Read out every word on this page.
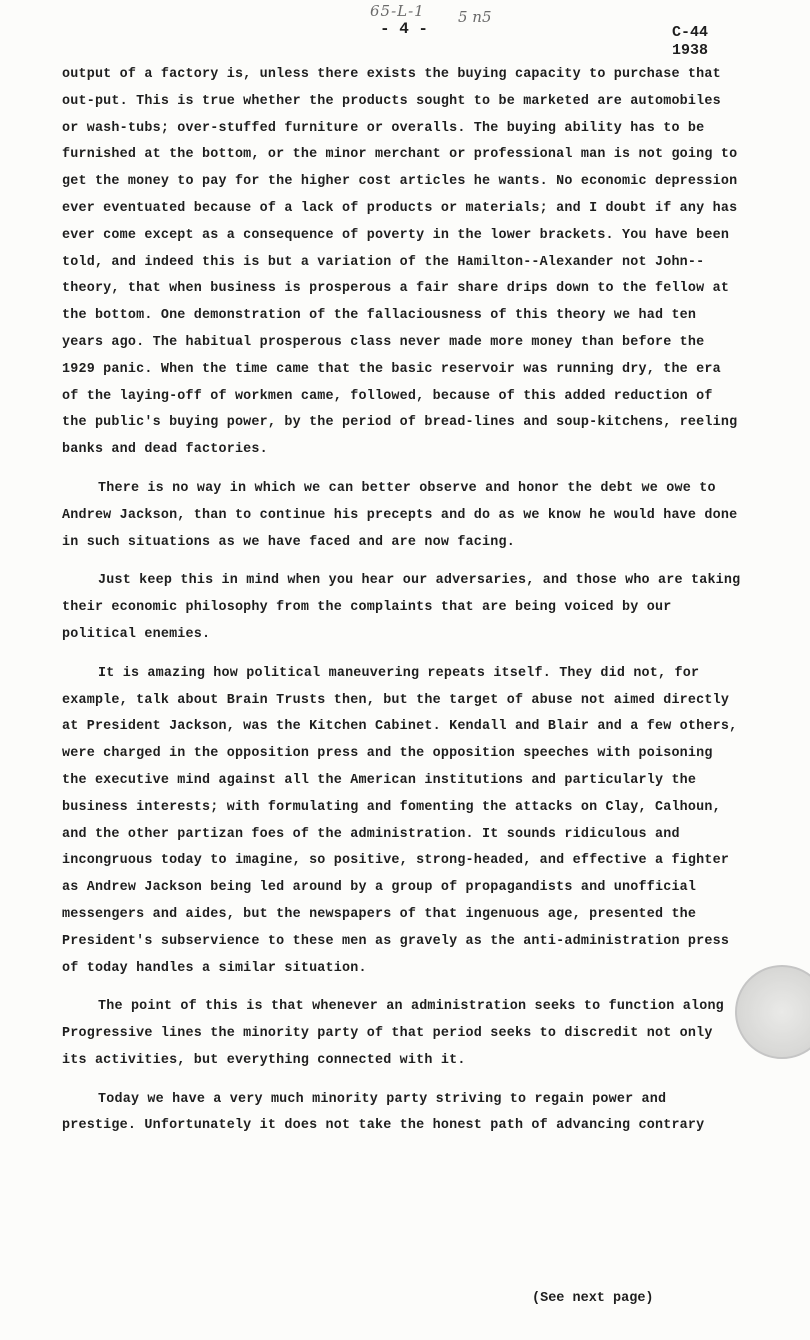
65-L-1 5 n5
- 4 -	C-44
1938

output of a factory is, unless there exists the buying capacity to purchase that out-put. This is true whether the products sought to be marketed are automobiles or wash-tubs; over-stuffed furniture or overalls. The buying ability has to be furnished at the bottom, or the minor merchant or professional man is not going to get the money to pay for the higher cost articles he wants. No economic depression ever eventuated because of a lack of products or materials; and I doubt if any has ever come except as a consequence of poverty in the lower brackets. You have been told, and indeed this is but a variation of the Hamilton--Alexander not John-- theory, that when business is prosperous a fair share drips down to the fellow at the bottom. One demonstration of the fallaciousness of this theory we had ten years ago. The habitual prosperous class never made more money than before the 1929 panic. When the time came that the basic reservoir was running dry, the era of the laying-off of workmen came, followed, because of this added reduction of the public's buying power, by the period of bread-lines and soup-kitchens, reeling banks and dead factories.

There is no way in which we can better observe and honor the debt we owe to Andrew Jackson, than to continue his precepts and do as we know he would have done in such situations as we have faced and are now facing.

Just keep this in mind when you hear our adversaries, and those who are taking their economic philosophy from the complaints that are being voiced by our political enemies.

It is amazing how political maneuvering repeats itself. They did not, for example, talk about Brain Trusts then, but the target of abuse not aimed directly at President Jackson, was the Kitchen Cabinet. Kendall and Blair and a few others, were charged in the opposition press and the opposition speeches with poisoning the executive mind against all the American institutions and particularly the business interests; with formulating and fomenting the attacks on Clay, Calhoun, and the other partizan foes of the administration. It sounds ridiculous and incongruous today to imagine, so positive, strong-headed, and effective a fighter as Andrew Jackson being led around by a group of propagandists and unofficial messengers and aides, but the newspapers of that ingenuous age, presented the President's subservience to these men as gravely as the anti-administration press of today handles a similar situation.

The point of this is that whenever an administration seeks to function along Progressive lines the minority party of that period seeks to discredit not only its activities, but everything connected with it.

Today we have a very much minority party striving to regain power and prestige. Unfortunately it does not take the honest path of advancing contrary

(See next page)
